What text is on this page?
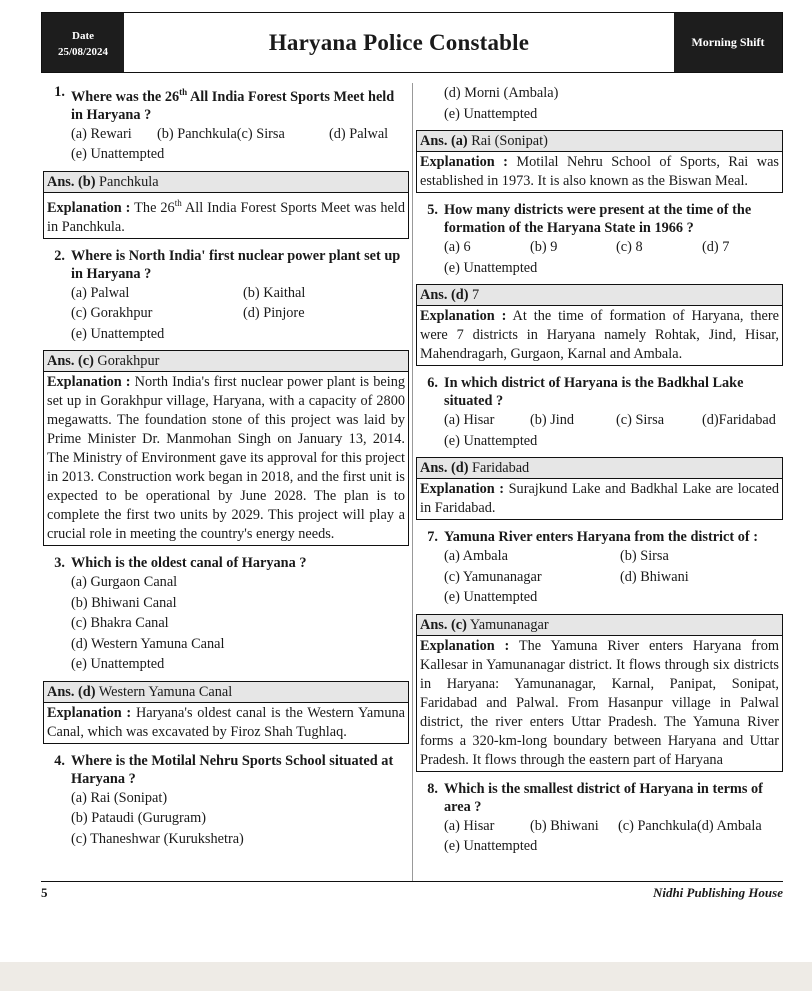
Date
25/08/2024	Haryana Police Constable	Morning Shift
1. Where was the 26th All India Forest Sports Meet held in Haryana ?
(a) Rewari	(b) Panchkula(c) Sirsa	(d) Palwal
(e) Unattempted
Ans. (b) Panchkula
Explanation : The 26th All India Forest Sports Meet was held in Panchkula.
2. Where is North India' first nuclear power plant set up in Haryana ?
(a) Palwal	(b) Kaithal
(c) Gorakhpur	(d) Pinjore
(e) Unattempted
Ans. (c) Gorakhpur
Explanation : North India's first nuclear power plant is being set up in Gorakhpur village, Haryana, with a capacity of 2800 megawatts. The foundation stone of this project was laid by Prime Minister Dr. Manmohan Singh on January 13, 2014. The Ministry of Environment gave its approval for this project in 2013. Construction work began in 2018, and the first unit is expected to be operational by June 2028. The plan is to complete the first two units by 2029. This project will play a crucial role in meeting the country's energy needs.
3. Which is the oldest canal of Haryana ?
(a) Gurgaon Canal
(b) Bhiwani Canal
(c) Bhakra Canal
(d) Western Yamuna Canal
(e) Unattempted
Ans. (d) Western Yamuna Canal
Explanation : Haryana's oldest canal is the Western Yamuna Canal, which was excavated by Firoz Shah Tughlaq.
4. Where is the Motilal Nehru Sports School situated at Haryana ?
(a) Rai (Sonipat)
(b) Pataudi (Gurugram)
(c) Thaneshwar (Kurukshetra)
(d) Morni (Ambala)
(e) Unattempted
Ans. (a) Rai (Sonipat)
Explanation : Motilal Nehru School of Sports, Rai was established in 1973. It is also known as the Biswan Meal.
5. How many districts were present at the time of the formation of the Haryana State in 1966 ?
(a) 6	(b) 9	(c) 8	(d) 7
(e) Unattempted
Ans. (d) 7
Explanation : At the time of formation of Haryana, there were 7 districts in Haryana namely Rohtak, Jind, Hisar, Mahendragarh, Gurgaon, Karnal and Ambala.
6. In which district of Haryana is the Badkhal Lake situated ?
(a) Hisar	(b) Jind	(c) Sirsa	(d)Faridabad
(e) Unattempted
Ans. (d) Faridabad
Explanation : Surajkund Lake and Badkhal Lake are located in Faridabad.
7. Yamuna River enters Haryana from the district of :
(a) Ambala	(b) Sirsa
(c) Yamunanagar	(d) Bhiwani
(e) Unattempted
Ans. (c) Yamunanagar
Explanation : The Yamuna River enters Haryana from Kallesar in Yamunanagar district. It flows through six districts in Haryana: Yamunanagar, Karnal, Panipat, Sonipat, Faridabad and Palwal. From Hasanpur village in Palwal district, the river enters Uttar Pradesh. The Yamuna River forms a 320-km-long boundary between Haryana and Uttar Pradesh. It flows through the eastern part of Haryana
8. Which is the smallest district of Haryana in terms of area ?
(a) Hisar	(b) Bhiwani	(c) Panchkula(d) Ambala
(e) Unattempted
5	Nidhi Publishing House
